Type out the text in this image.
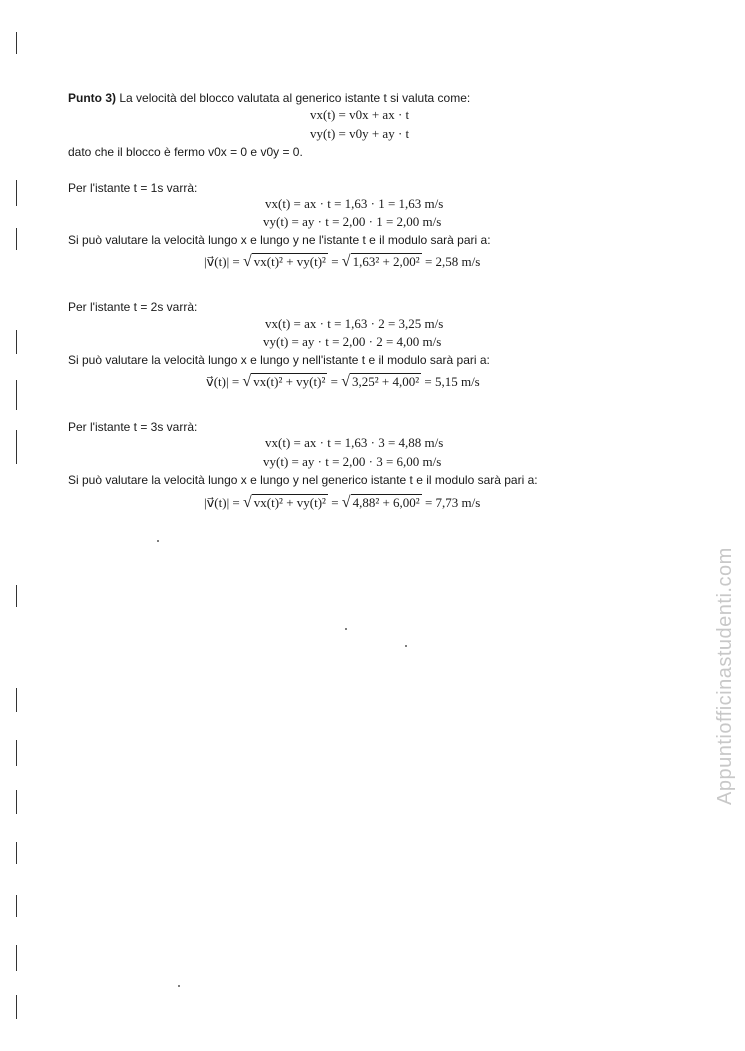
Punto 3) La velocità del blocco valutata al generico istante t si valuta come:
vx(t) = v0x + ax · t
vy(t) = v0y + ay · t
dato che il blocco è fermo v0x = 0 e v0y = 0.
Per l'istante t = 1s varrà:
vx(t) = ax · t = 1,63 · 1 = 1,63 m/s
vy(t) = ay · t = 2,00 · 1 = 2,00 m/s
Si può valutare la velocità lungo x e lungo y ne l'istante t e il modulo sarà pari a:
|v⃗(t)| = √ vx(t)² + vy(t)² = √ 1,63² + 2,00² = 2,58 m/s
Per l'istante t = 2s varrà:
vx(t) = ax · t = 1,63 · 2 = 3,25 m/s
vy(t) = ay · t = 2,00 · 2 = 4,00 m/s
Si può valutare la velocità lungo x e lungo y nell'istante t e il modulo sarà pari a:
v⃗(t)| = √ vx(t)² + vy(t)² = √ 3,25² + 4,00² = 5,15 m/s
Per l'istante t = 3s varrà:
vx(t) = ax · t = 1,63 · 3 = 4,88 m/s
vy(t) = ay · t = 2,00 · 3 = 6,00 m/s
Si può valutare la velocità lungo x e lungo y nel generico istante t e il modulo sarà pari a:
|v⃗(t)| = √ vx(t)² + vy(t)² = √ 4,88² + 6,00² = 7,73 m/s
Appuntiofficinastudenti.com
